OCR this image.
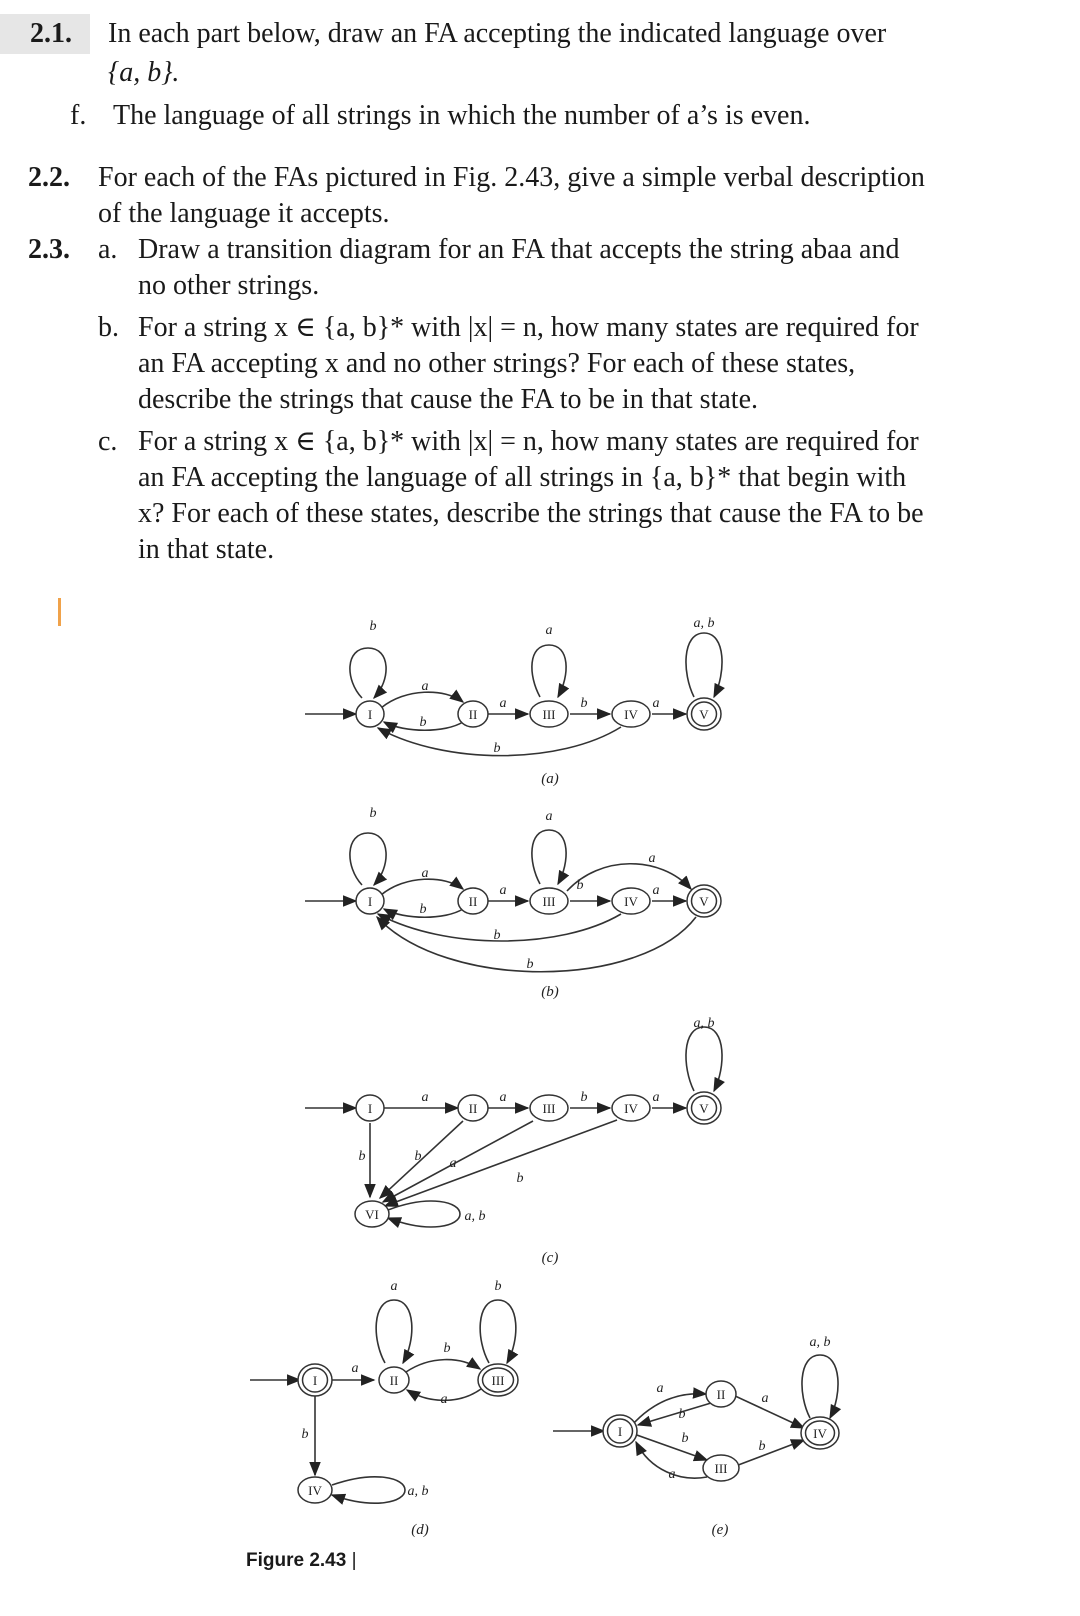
2.1. In each part below, draw an FA accepting the indicated language over
{a, b}.
f. The language of all strings in which the number of a’s is even.
2.2. For each of the FAs pictured in Fig. 2.43, give a simple verbal description
of the language it accepts.
2.3. a. Draw a transition diagram for an FA that accepts the string abaa and
no other strings.
b. For a string x ∈ {a, b}* with |x| = n, how many states are required for
an FA accepting x and no other strings? For each of these states,
describe the strings that cause the FA to be in that state.
c. For a string x ∈ {a, b}* with |x| = n, how many states are required for
an FA accepting the language of all strings in {a, b}* that begin with
x? For each of these states, describe the strings that cause the FA to be
in that state.
I	II	III	IV	V
I	II	III	IV	V
I	II	III	IV	V
VI
I	II	III
IV
I
II
III
IV
b
a
b
a
a
b	a
a, b
b
(a)
b
a
b
a
a
b
a
a
b
b
(b)
a, b
a	a	b	a
b	b a
b
a, b
(c)
a	b
a
b
a
b
a, b
(d)
a, b
a
b
b
a
a
b
(e)
Figure 2.43 |
